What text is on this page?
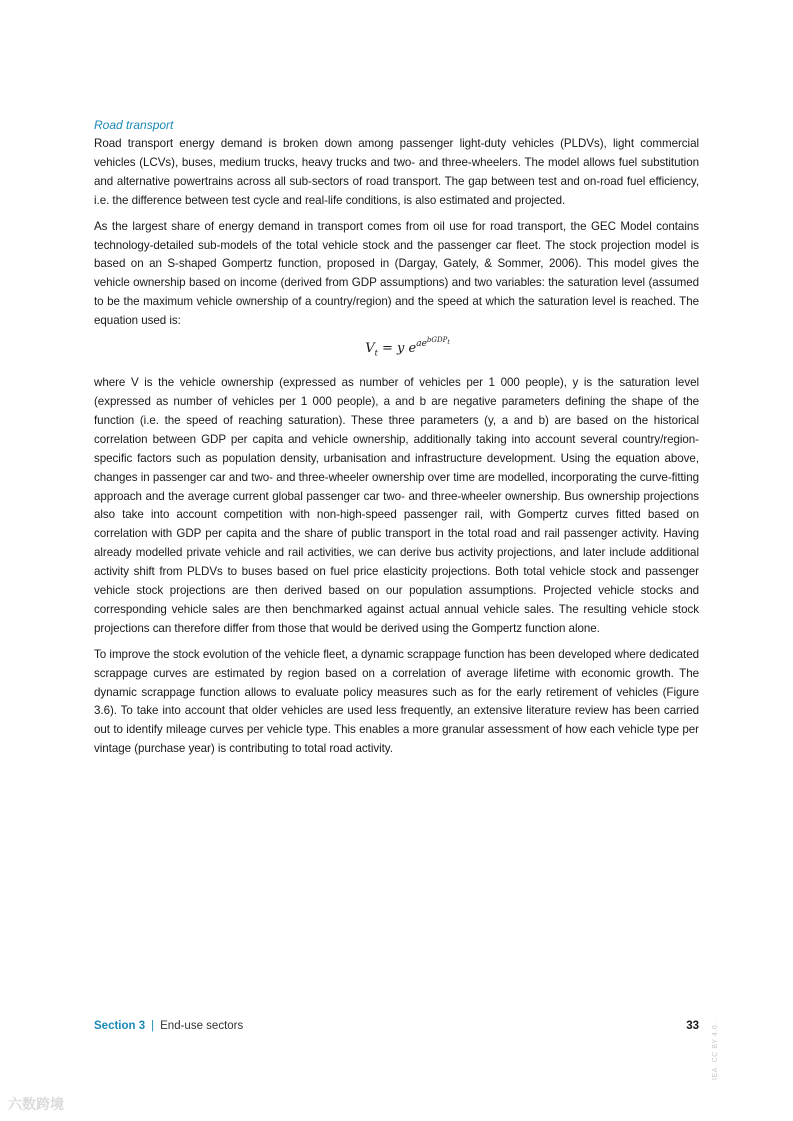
Road transport

Road transport energy demand is broken down among passenger light-duty vehicles (PLDVs), light commercial vehicles (LCVs), buses, medium trucks, heavy trucks and two- and three-wheelers. The model allows fuel substitution and alternative powertrains across all sub-sectors of road transport. The gap between test and on-road fuel efficiency, i.e. the difference between test cycle and real-life conditions, is also estimated and projected.

As the largest share of energy demand in transport comes from oil use for road transport, the GEC Model contains technology-detailed sub-models of the total vehicle stock and the passenger car fleet. The stock projection model is based on an S-shaped Gompertz function, proposed in (Dargay, Gately, & Sommer, 2006). This model gives the vehicle ownership based on income (derived from GDP assumptions) and two variables: the saturation level (assumed to be the maximum vehicle ownership of a country/region) and the speed at which the saturation level is reached. The equation used is:

$V_t = y$ $e^{aebGDPt}$

where V is the vehicle ownership (expressed as number of vehicles per 1 000 people), y is the saturation level (expressed as number of vehicles per 1 000 people), a and b are negative parameters defining the shape of the function (i.e. the speed of reaching saturation). These three parameters (y, a and b) are based on the historical correlation between GDP per capita and vehicle ownership, additionally taking into account several country/region-specific factors such as population density, urbanisation and infrastructure development. Using the equation above, changes in passenger car and two- and three-wheeler ownership over time are modelled, incorporating the curve-fitting approach and the average current global passenger car two- and three-wheeler ownership. Bus ownership projections also take into account competition with non-high-speed passenger rail, with Gompertz curves fitted based on correlation with GDP per capita and the share of public transport in the total road and rail passenger activity. Having already modelled private vehicle and rail activities, we can derive bus activity projections, and later include additional activity shift from PLDVs to buses based on fuel price elasticity projections. Both total vehicle stock and passenger vehicle stock projections are then derived based on our population assumptions. Projected vehicle stocks and corresponding vehicle sales are then benchmarked against actual annual vehicle sales. The resulting vehicle stock projections can therefore differ from those that would be derived using the Gompertz function alone.

To improve the stock evolution of the vehicle fleet, a dynamic scrappage function has been developed where dedicated scrappage curves are estimated by region based on a correlation of average lifetime with economic growth. The dynamic scrappage function allows to evaluate policy measures such as for the early retirement of vehicles (Figure 3.6). To take into account that older vehicles are used less frequently, an extensive literature review has been carried out to identify mileage curves per vehicle type. This enables a more granular assessment of how each vehicle type per vintage (purchase year) is contributing to total road activity.

Section 3 | End-use sectors	33 IEA. CC BY 4.0.
六数跨境
